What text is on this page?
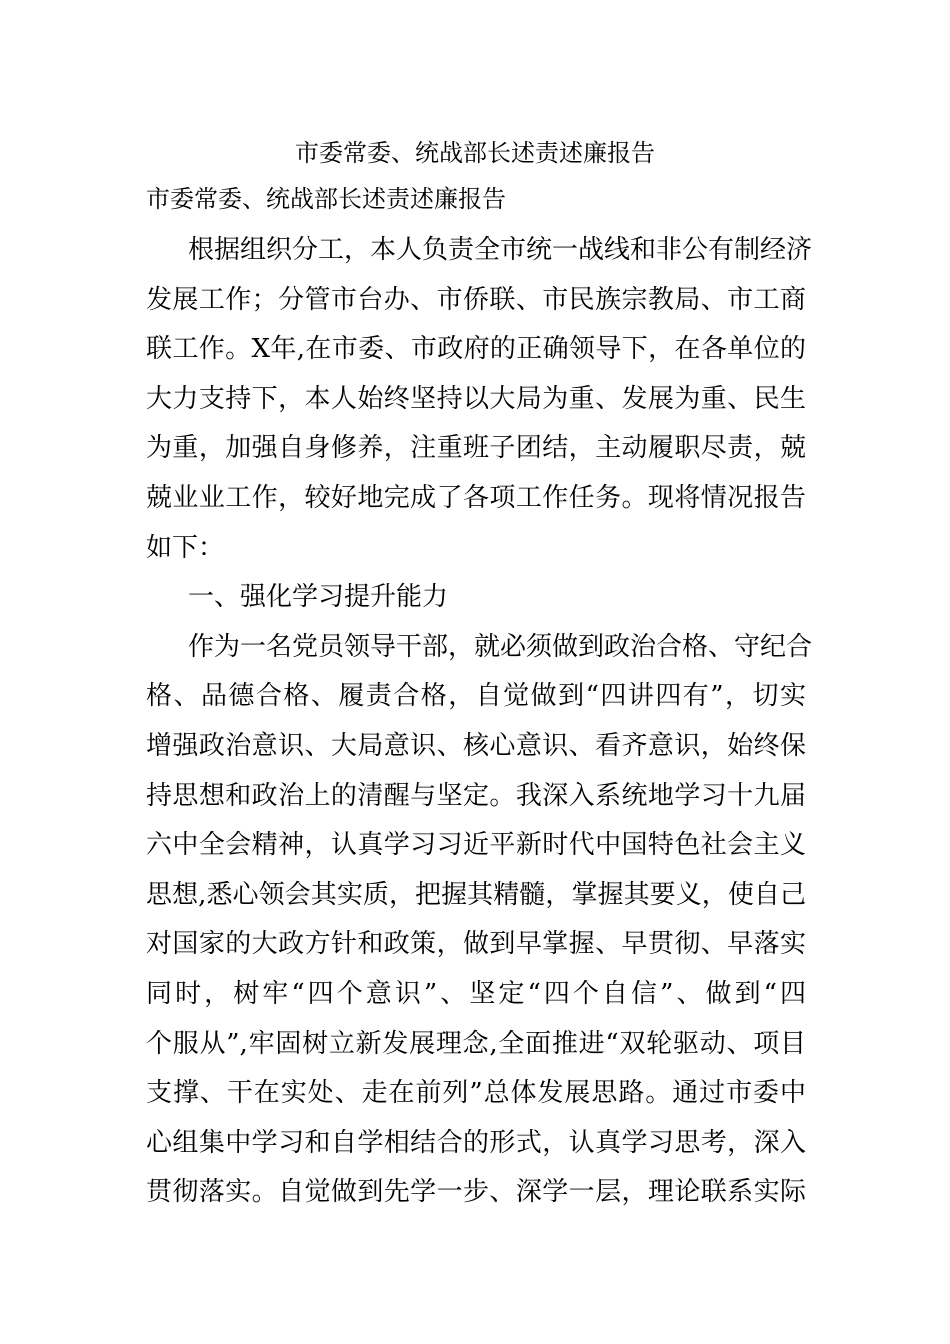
市委常委、统战部长述责述廉报告
市委常委、统战部长述责述廉报告
根据组织分工，本人负责全市统一战线和非公有制经济
发展工作；分管市台办、市侨联、市民族宗教局、市工商
联工作。X年,在市委、市政府的正确领导下，在各单位的
大力支持下，本人始终坚持以大局为重、发展为重、民生
为重，加强自身修养，注重班子团结，主动履职尽责，兢
兢业业工作，较好地完成了各项工作任务。现将情况报告
如下：
一、强化学习提升能力
作为一名党员领导干部，就必须做到政治合格、守纪合
格、品德合格、履责合格，自觉做到“四讲四有”，切实
增强政治意识、大局意识、核心意识、看齐意识，始终保
持思想和政治上的清醒与坚定。我深入系统地学习十九届
六中全会精神，认真学习习近平新时代中国特色社会主义
思想,悉心领会其实质，把握其精髓，掌握其要义，使自己
对国家的大政方针和政策，做到早掌握、早贯彻、早落实
同时，树牢“四个意识”、坚定“四个自信”、做到“四
个服从”,牢固树立新发展理念,全面推进“双轮驱动、项目
支撑、干在实处、走在前列”总体发展思路。通过市委中
心组集中学习和自学相结合的形式，认真学习思考，深入
贯彻落实。自觉做到先学一步、深学一层，理论联系实际
